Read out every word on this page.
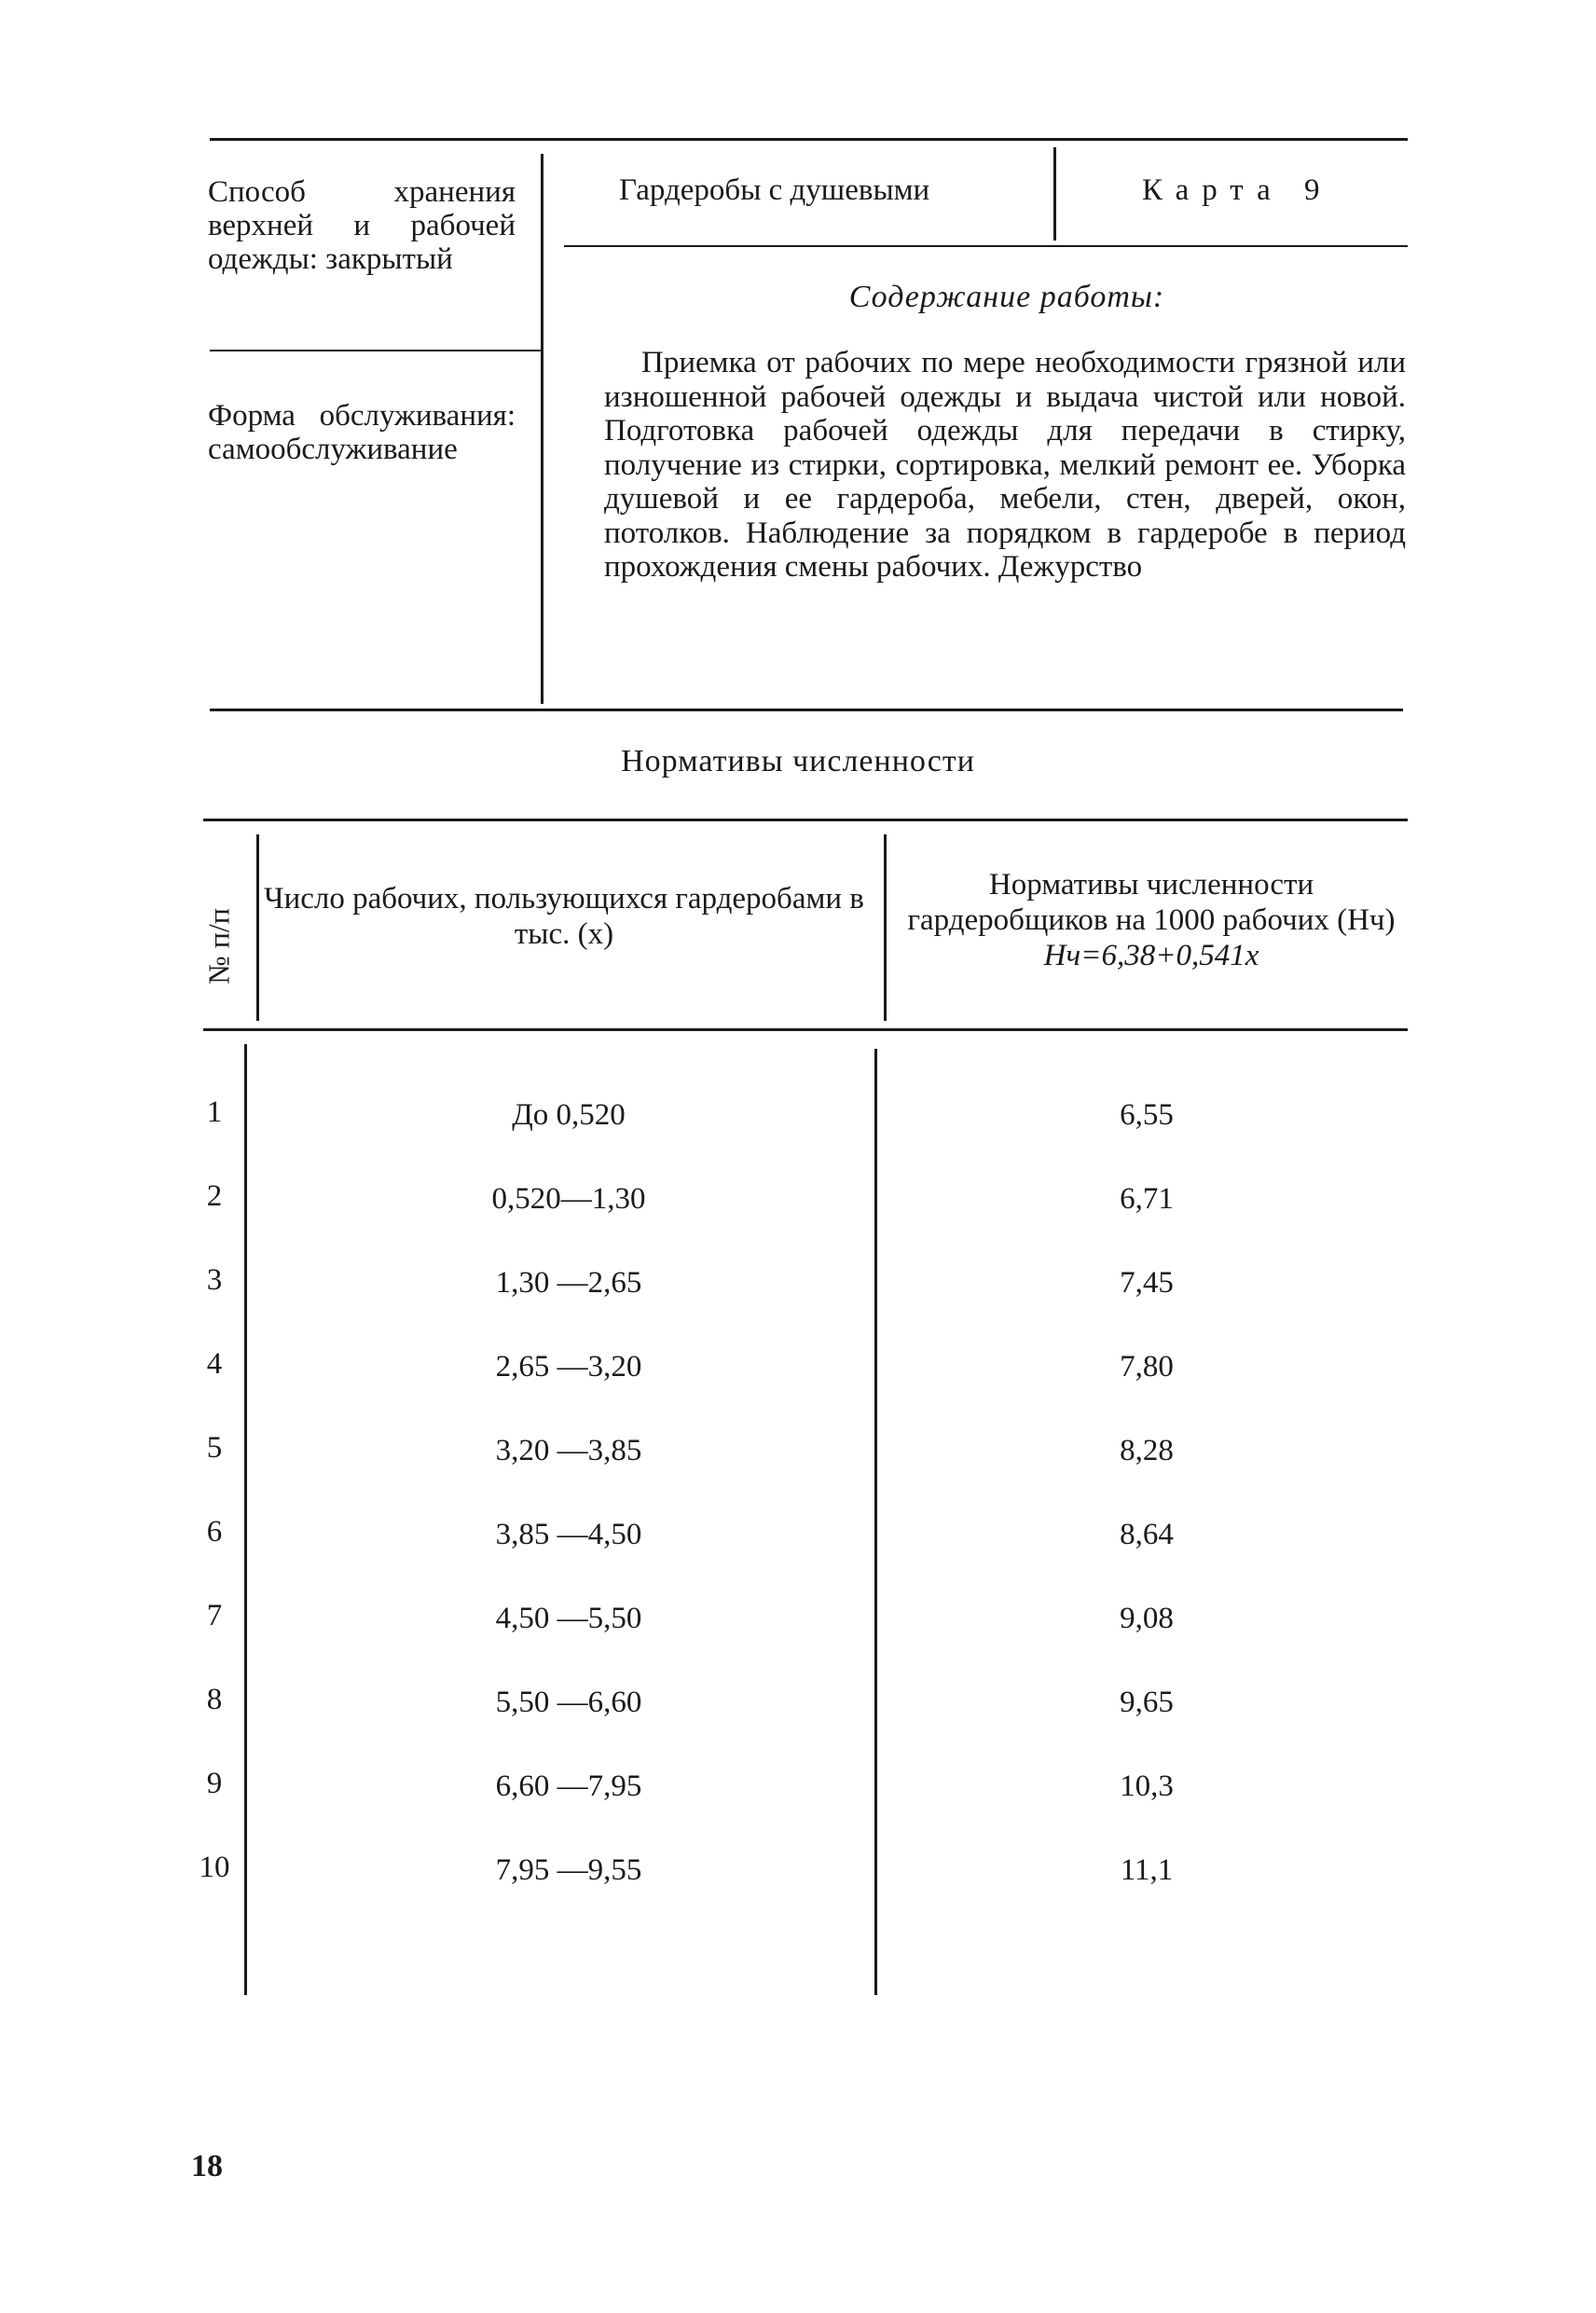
Способ хранения верхней и рабочей одежды: закрытый
Форма обслуживания: самообслуживание
Гардеробы с душевыми	Карта 9
Содержание работы:

Приемка от рабочих по мере необходимости грязной или изношенной рабочей одежды и выдача чистой или новой. Подготовка рабочей одежды для передачи в стирку, получение из стирки, сортировка, мелкий ремонт ее. Уборка душевой и ее гардероба, мебели, стен, дверей, окон, потолков. Наблюдение за порядком в гардеробе в период прохождения смены рабочих. Дежурство

Нормативы численности
№ п/п
Число рабочих, пользующихся гардеробами в тыс. (x)
Нормативы численности гардеробщиков на 1000 рабочих (Нч)
Нч=6,38+0,541x
1	До 0,520	6,55
2	0,520—1,30	6,71
3	1,30 —2,65	7,45
4	2,65 —3,20	7,80
5	3,20 —3,85	8,28
6	3,85 —4,50	8,64
7	4,50 —5,50	9,08
8	5,50 —6,60	9,65
9	6,60 —7,95	10,3
10	7,95 —9,55	11,1
18
